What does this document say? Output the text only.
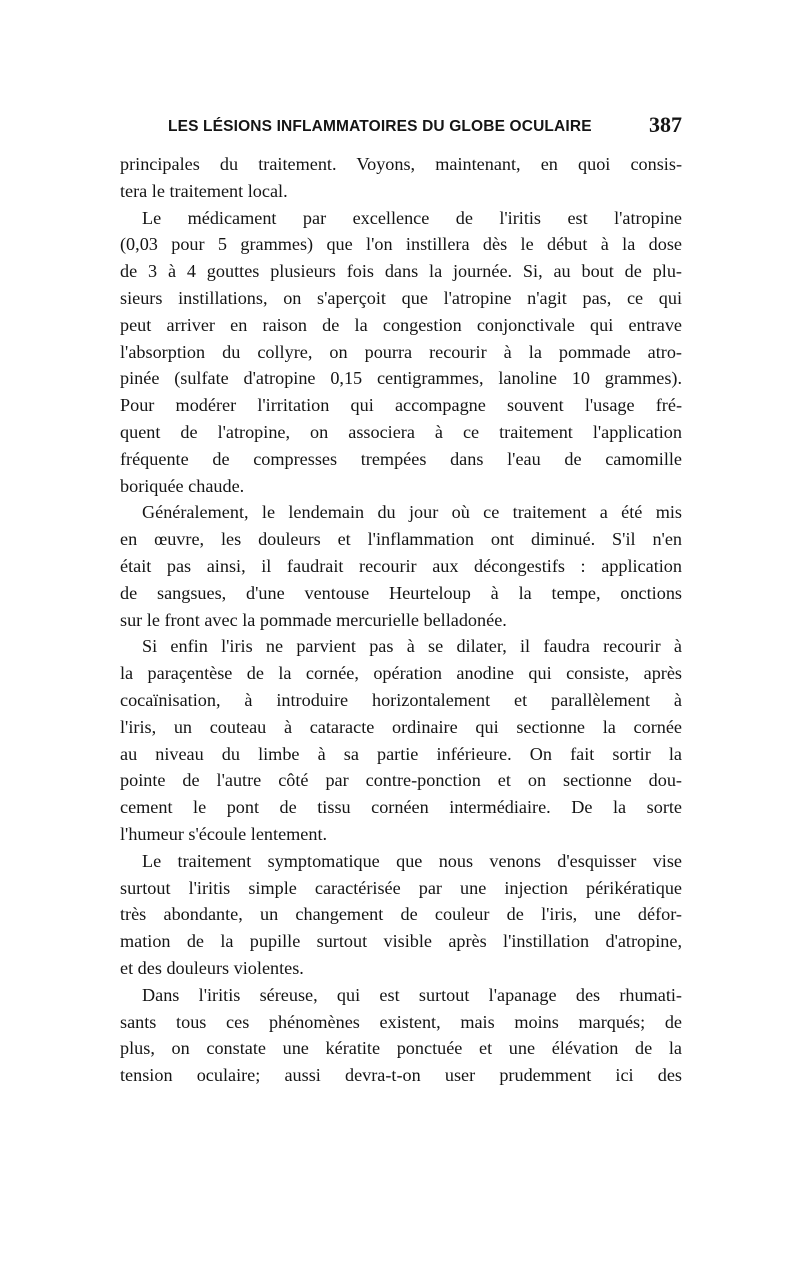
LES LÉSIONS INFLAMMATOIRES DU GLOBE OCULAIRE	387
principales du traitement. Voyons, maintenant, en quoi consis-
tera le traitement local.
Le médicament par excellence de l'iritis est l'atropine
(0,03 pour 5 grammes) que l'on instillera dès le début à la dose
de 3 à 4 gouttes plusieurs fois dans la journée. Si, au bout de plu-
sieurs instillations, on s'aperçoit que l'atropine n'agit pas, ce qui
peut arriver en raison de la congestion conjonctivale qui entrave
l'absorption du collyre, on pourra recourir à la pommade atro-
pinée (sulfate d'atropine 0,15 centigrammes, lanoline 10 grammes).
Pour modérer l'irritation qui accompagne souvent l'usage fré-
quent de l'atropine, on associera à ce traitement l'application
fréquente de compresses trempées dans l'eau de camomille
boriquée chaude.
Généralement, le lendemain du jour où ce traitement a été mis
en œuvre, les douleurs et l'inflammation ont diminué. S'il n'en
était pas ainsi, il faudrait recourir aux décongestifs : application
de sangsues, d'une ventouse Heurteloup à la tempe, onctions
sur le front avec la pommade mercurielle belladonée.
Si enfin l'iris ne parvient pas à se dilater, il faudra recourir à
la paraçentèse de la cornée, opération anodine qui consiste, après
cocaïnisation, à introduire horizontalement et parallèlement à
l'iris, un couteau à cataracte ordinaire qui sectionne la cornée
au niveau du limbe à sa partie inférieure. On fait sortir la
pointe de l'autre côté par contre-ponction et on sectionne dou-
cement le pont de tissu cornéen intermédiaire. De la sorte
l'humeur s'écoule lentement.
Le traitement symptomatique que nous venons d'esquisser vise
surtout l'iritis simple caractérisée par une injection périkératique
très abondante, un changement de couleur de l'iris, une défor-
mation de la pupille surtout visible après l'instillation d'atropine,
et des douleurs violentes.
Dans l'iritis séreuse, qui est surtout l'apanage des rhumati-
sants tous ces phénomènes existent, mais moins marqués; de
plus, on constate une kératite ponctuée et une élévation de la
tension oculaire; aussi devra-t-on user prudemment ici des
